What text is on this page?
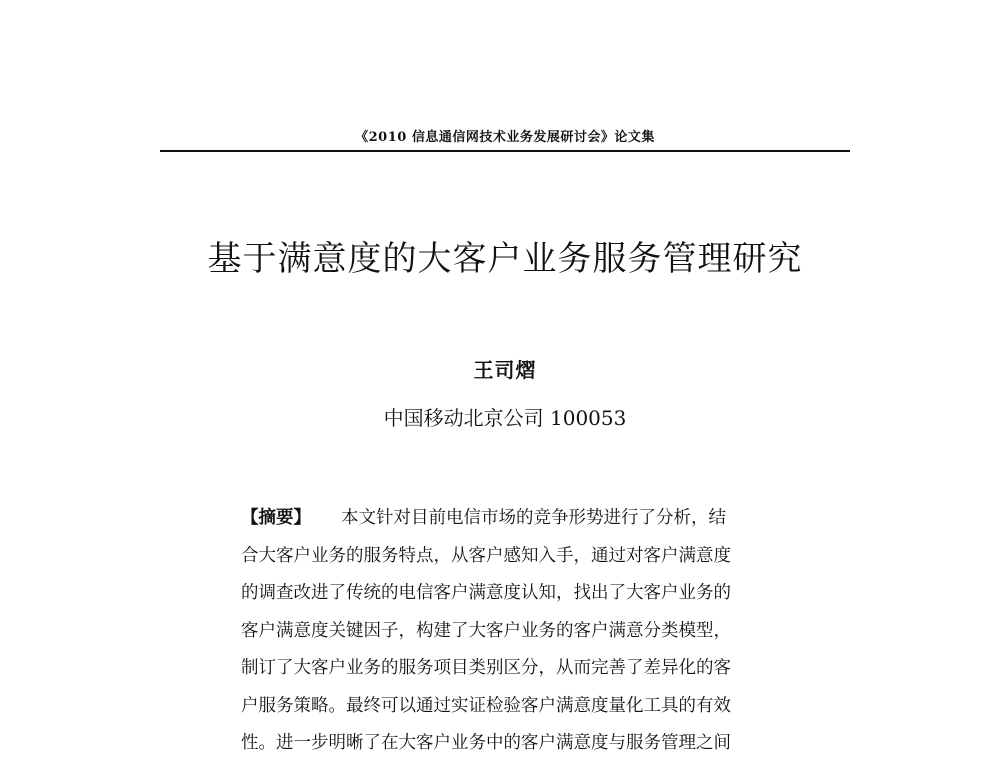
《2010 信息通信网技术业务发展研讨会》论文集
基于满意度的大客户业务服务管理研究
王司熠
中国移动北京公司 100053
【摘要】 本文针对目前电信市场的竞争形势进行了分析，结
合大客户业务的服务特点，从客户感知入手，通过对客户满意度
的调查改进了传统的电信客户满意度认知，找出了大客户业务的
客户满意度关键因子，构建了大客户业务的客户满意分类模型，
制订了大客户业务的服务项目类别区分，从而完善了差异化的客
户服务策略。最终可以通过实证检验客户满意度量化工具的有效
性。进一步明晰了在大客户业务中的客户满意度与服务管理之间
